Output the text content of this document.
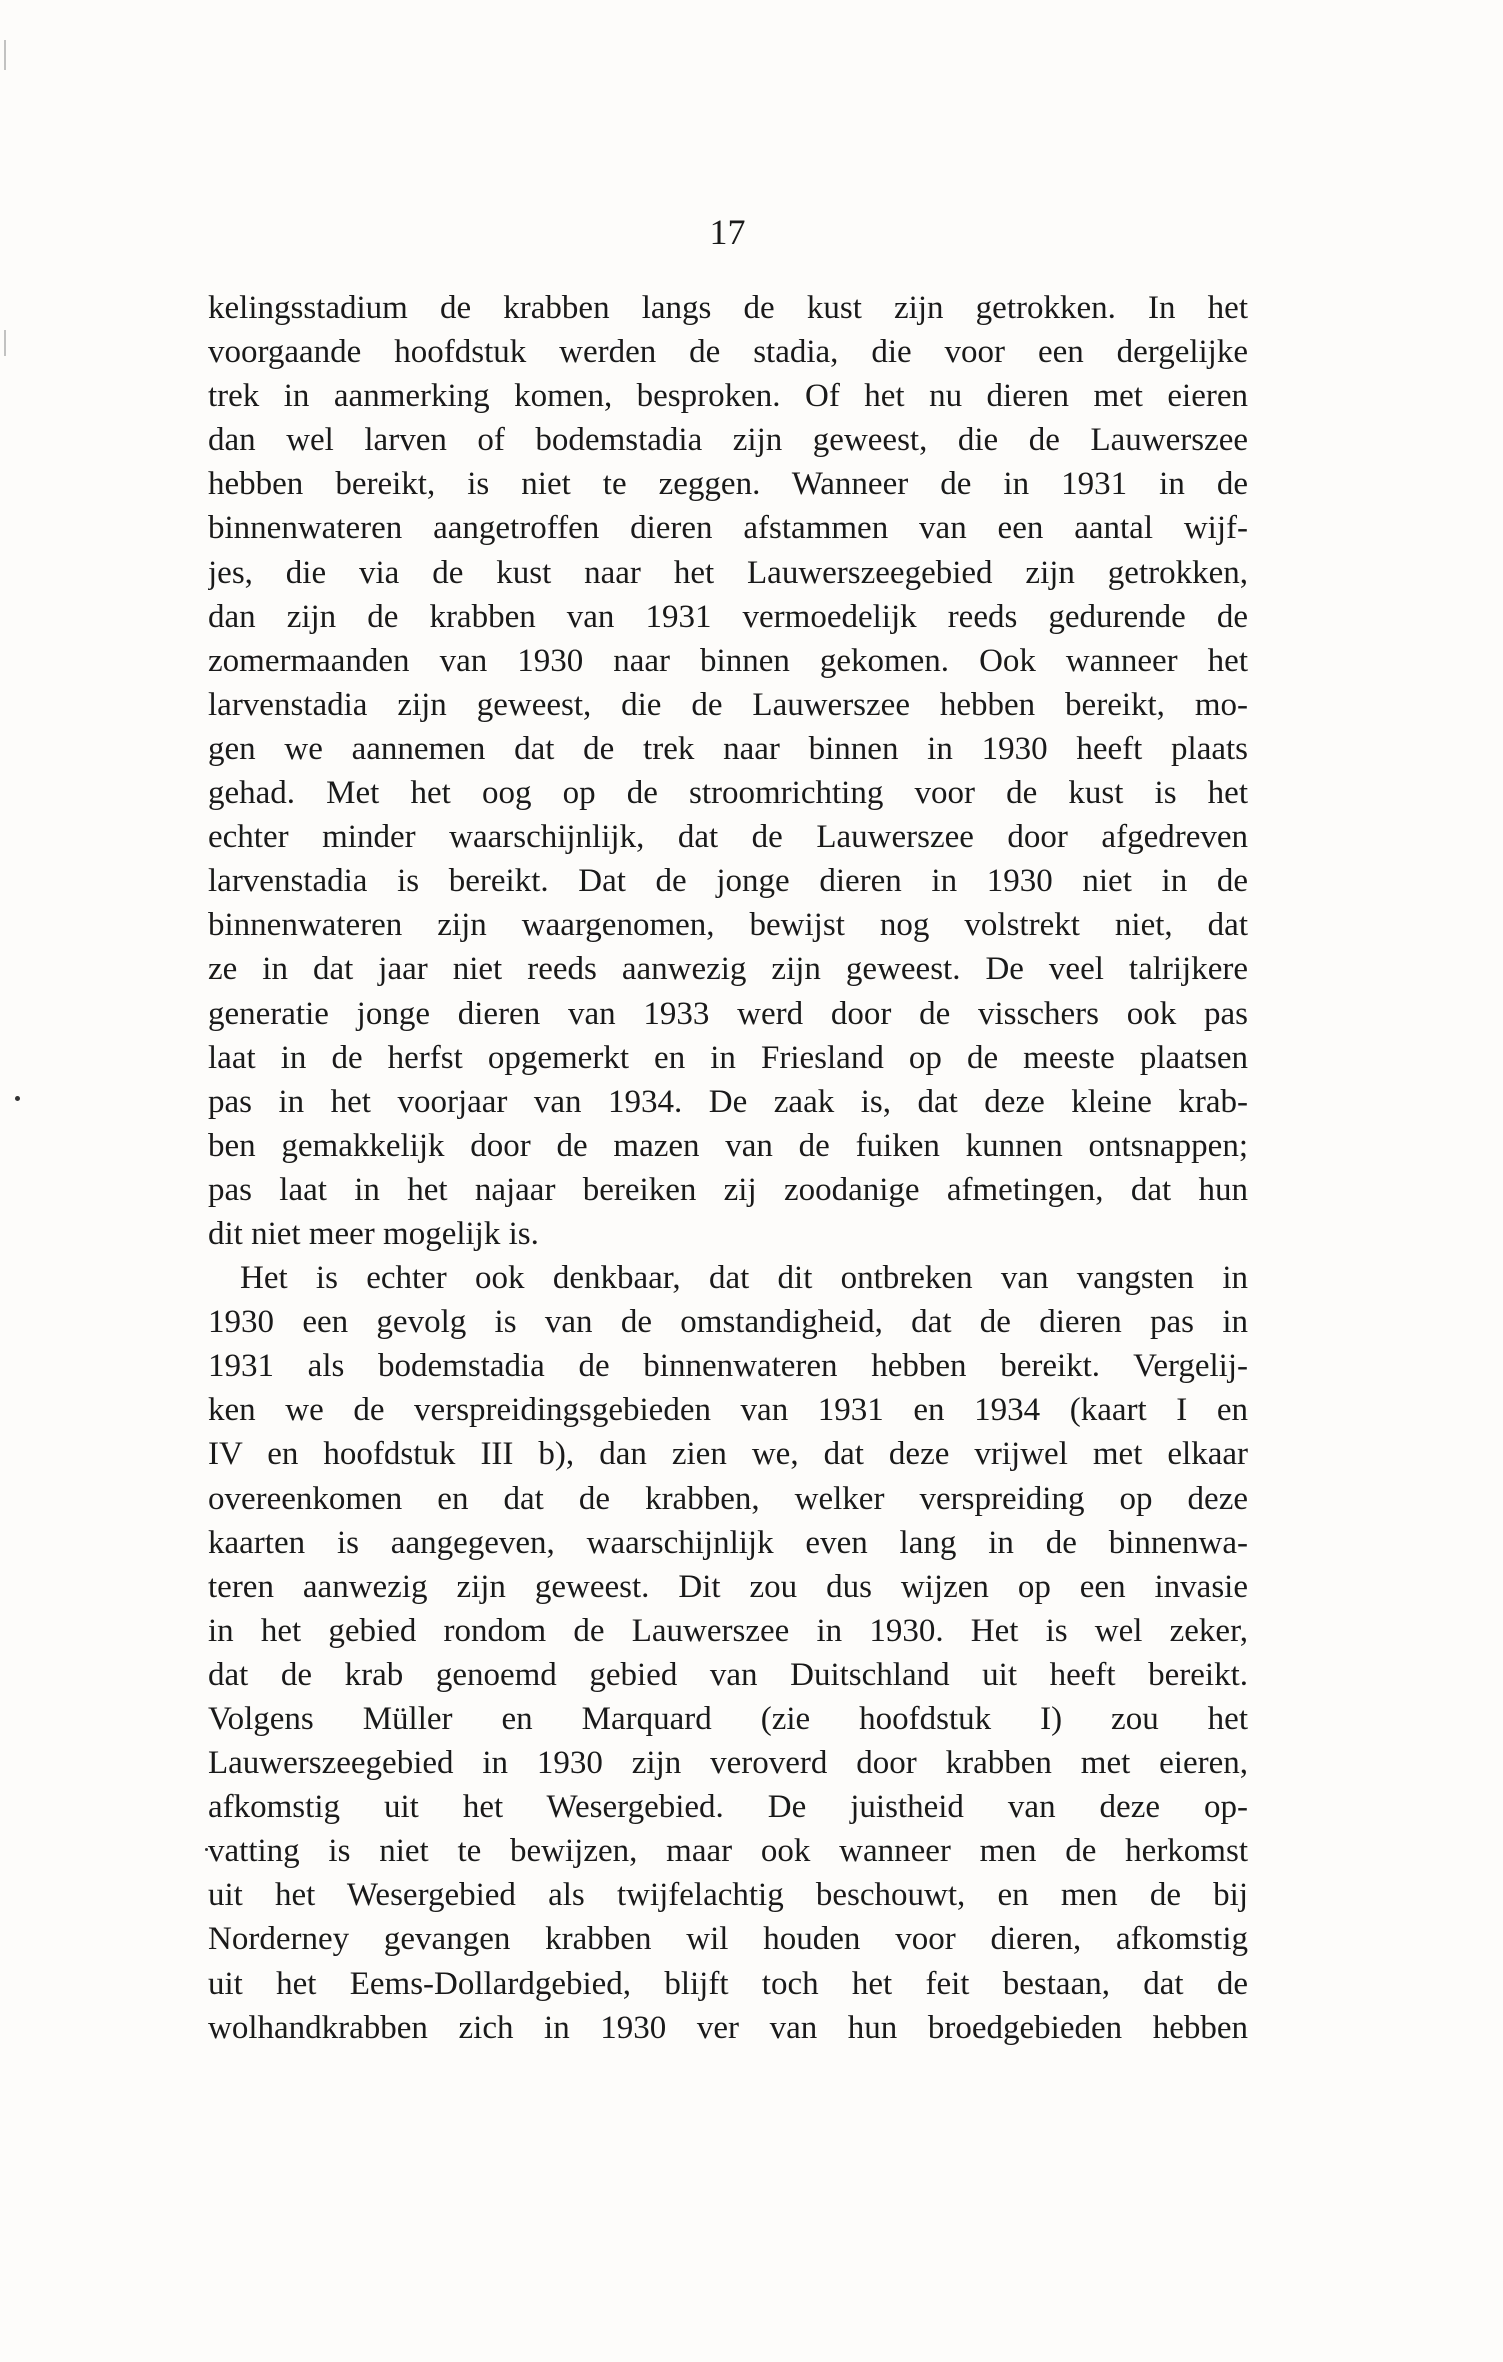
17
kelingsstadium de krabben langs de kust zijn getrokken. In het
voorgaande hoofdstuk werden de stadia, die voor een dergelijke
trek in aanmerking komen, besproken. Of het nu dieren met eieren
dan wel larven of bodemstadia zijn geweest, die de Lauwerszee
hebben bereikt, is niet te zeggen. Wanneer de in 1931 in de
binnenwateren aangetroffen dieren afstammen van een aantal wijf-
jes, die via de kust naar het Lauwerszeegebied zijn getrokken,
dan zijn de krabben van 1931 vermoedelijk reeds gedurende de
zomermaanden van 1930 naar binnen gekomen. Ook wanneer het
larvenstadia zijn geweest, die de Lauwerszee hebben bereikt, mo-
gen we aannemen dat de trek naar binnen in 1930 heeft plaats
gehad. Met het oog op de stroomrichting voor de kust is het
echter minder waarschijnlijk, dat de Lauwerszee door afgedreven
larvenstadia is bereikt. Dat de jonge dieren in 1930 niet in de
binnenwateren zijn waargenomen, bewijst nog volstrekt niet, dat
ze in dat jaar niet reeds aanwezig zijn geweest. De veel talrijkere
generatie jonge dieren van 1933 werd door de visschers ook pas
laat in de herfst opgemerkt en in Friesland op de meeste plaatsen
pas in het voorjaar van 1934. De zaak is, dat deze kleine krab-
ben gemakkelijk door de mazen van de fuiken kunnen ontsnappen;
pas laat in het najaar bereiken zij zoodanige afmetingen, dat hun
dit niet meer mogelijk is.
Het is echter ook denkbaar, dat dit ontbreken van vangsten in
1930 een gevolg is van de omstandigheid, dat de dieren pas in
1931 als bodemstadia de binnenwateren hebben bereikt. Vergelij-
ken we de verspreidingsgebieden van 1931 en 1934 (kaart I en
IV en hoofdstuk III b), dan zien we, dat deze vrijwel met elkaar
overeenkomen en dat de krabben, welker verspreiding op deze
kaarten is aangegeven, waarschijnlijk even lang in de binnenwa-
teren aanwezig zijn geweest. Dit zou dus wijzen op een invasie
in het gebied rondom de Lauwerszee in 1930. Het is wel zeker,
dat de krab genoemd gebied van Duitschland uit heeft bereikt.
Volgens Müller en Marquard (zie hoofdstuk I) zou het
Lauwerszeegebied in 1930 zijn veroverd door krabben met eieren,
afkomstig uit het Wesergebied. De juistheid van deze op-
vatting is niet te bewijzen, maar ook wanneer men de herkomst
uit het Wesergebied als twijfelachtig beschouwt, en men de bij
Norderney gevangen krabben wil houden voor dieren, afkomstig
uit het Eems-Dollardgebied, blijft toch het feit bestaan, dat de
wolhandkrabben zich in 1930 ver van hun broedgebieden hebben
